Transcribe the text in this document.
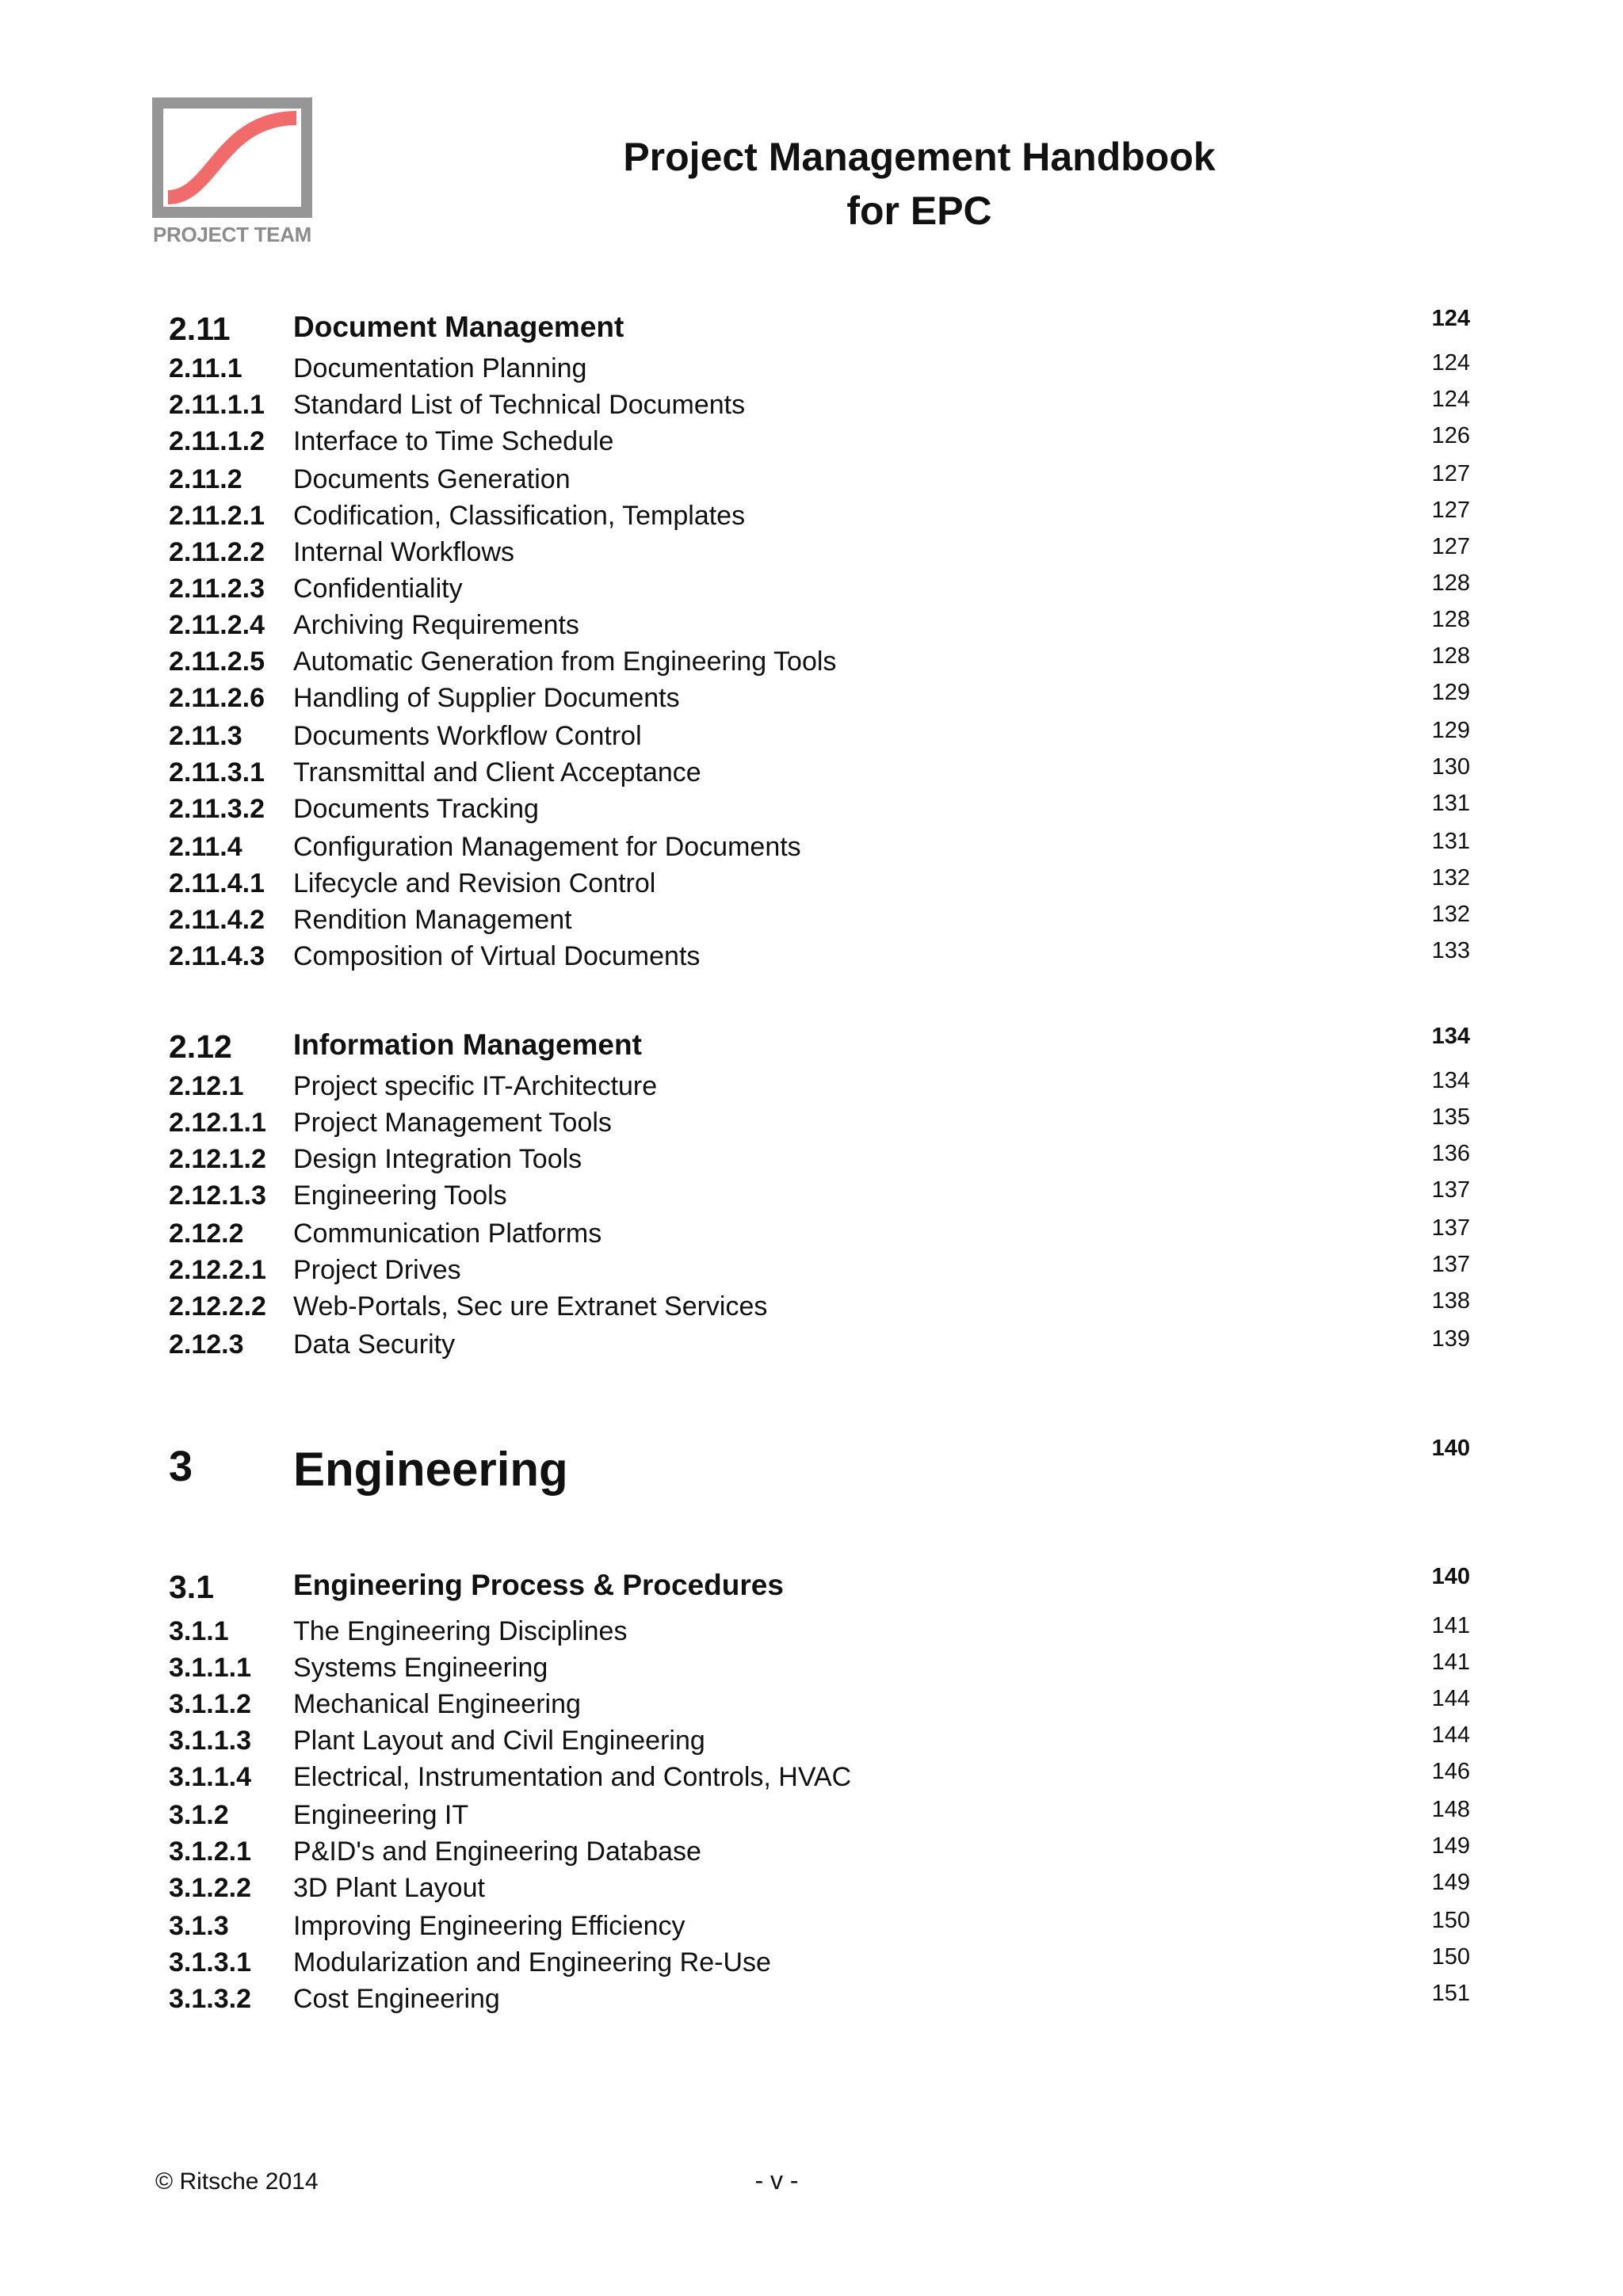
PROJECT TEAM
Project Management Handbook
for EPC
2.11 Document Management	124
2.11.1 Documentation Planning	124
2.11.1.1 Standard List of Technical Documents	124
2.11.1.2 Interface to Time Schedule	126
2.11.2 Documents Generation	127
2.11.2.1 Codification, Classification, Templates	127
2.11.2.2 Internal Workflows	127
2.11.2.3 Confidentiality	128
2.11.2.4 Archiving Requirements	128
2.11.2.5 Automatic Generation from Engineering Tools	128
2.11.2.6 Handling of Supplier Documents	129
2.11.3 Documents Workflow Control	129
2.11.3.1 Transmittal and Client Acceptance	130
2.11.3.2 Documents Tracking	131
2.11.4 Configuration Management for Documents	131
2.11.4.1 Lifecycle and Revision Control	132
2.11.4.2 Rendition Management	132
2.11.4.3 Composition of Virtual Documents	133
2.12 Information Management	134
2.12.1 Project specific IT-Architecture	134
2.12.1.1 Project Management Tools	135
2.12.1.2 Design Integration Tools	136
2.12.1.3 Engineering Tools	137
2.12.2 Communication Platforms	137
2.12.2.1 Project Drives	137
2.12.2.2 Web-Portals, Sec ure Extranet Services	138
2.12.3 Data Security	139
3 Engineering	140
3.1	Engineering Process & Procedures	140
3.1.1 The Engineering Disciplines	141
3.1.1.1 Systems Engineering	141
3.1.1.2 Mechanical Engineering	144
3.1.1.3 Plant Layout and Civil Engineering	144
3.1.1.4 Electrical, Instrumentation and Controls, HVAC	146
3.1.2 Engineering IT	148
3.1.2.1 P&ID's and Engineering Database	149
3.1.2.2 3D Plant Layout	149
3.1.3 Improving Engineering Efficiency	150
3.1.3.1 Modularization and Engineering Re-Use	150
3.1.3.2 Cost Engineering	151
© Ritsche 2014	- v -
